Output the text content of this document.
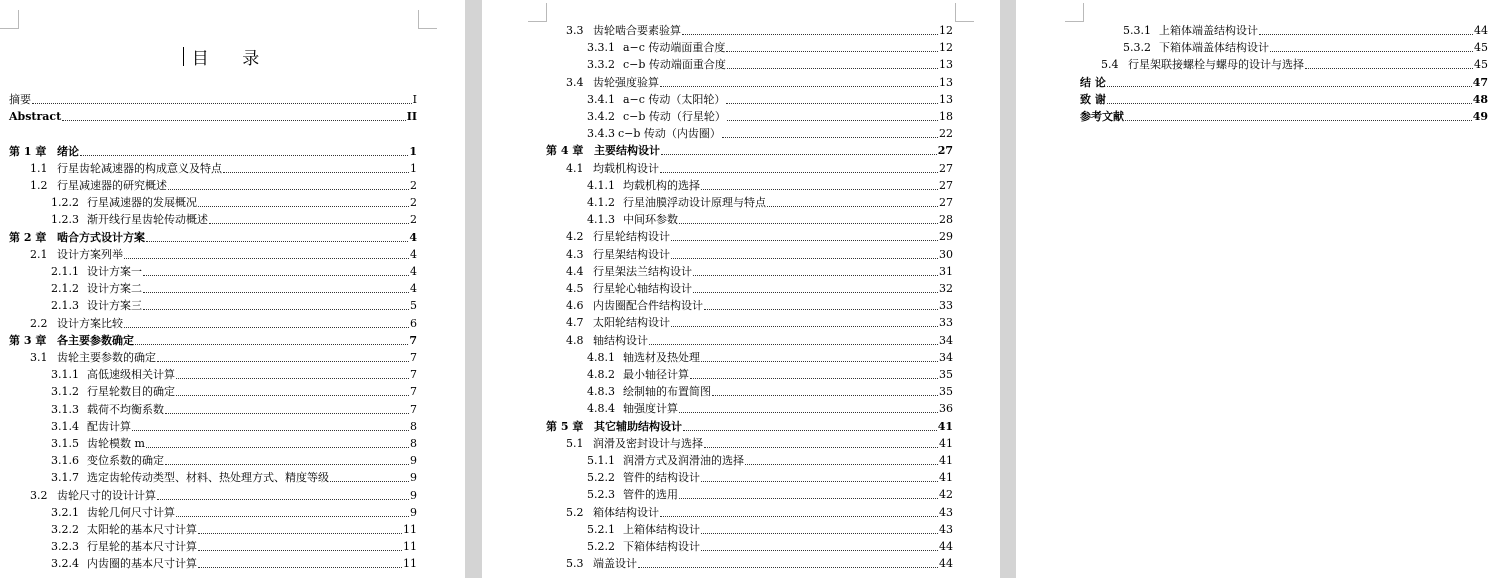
目 录
摘要	I
Abstract	II
第 1 章 绪论	1
1.1 行星齿轮减速器的构成意义及特点	1
1.2 行星减速器的研究概述	2
1.2.2 行星减速器的发展概况	2
1.2.3 渐开线行星齿轮传动概述	2
第 2 章 啮合方式设计方案	4
2.1 设计方案列举	4
2.1.1 设计方案一	4
2.1.2 设计方案二	4
2.1.3 设计方案三	5
2.2 设计方案比较	6
第 3 章 各主要参数确定	7
3.1 齿轮主要参数的确定	7
3.1.1 高低速级相关计算	7
3.1.2 行星轮数目的确定	7
3.1.3 载荷不均衡系数	7
3.1.4 配齿计算	8
3.1.5 齿轮模数 m	8
3.1.6 变位系数的确定	9
3.1.7 选定齿轮传动类型、材料、热处理方式、精度等级	9
3.2 齿轮尺寸的设计计算	9
3.2.1 齿轮几何尺寸计算	9
3.2.2 太阳轮的基本尺寸计算	11
3.2.3 行星轮的基本尺寸计算	11
3.2.4 内齿圈的基本尺寸计算	11
3.3 齿轮啮合要素验算	12
3.3.1 a−c 传动端面重合度	12
3.3.2 c−b 传动端面重合度	13
3.4 齿轮强度验算	13
3.4.1 a−c 传动（太阳轮）	13
3.4.2 c−b 传动（行星轮）	18
3.4.3 c−b 传动（内齿圈）	22
第 4 章 主要结构设计	27
4.1 均载机构设计	27
4.1.1 均载机构的选择	27
4.1.2 行星油膜浮动设计原理与特点	27
4.1.3 中间环参数	28
4.2 行星轮结构设计	29
4.3 行星架结构设计	30
4.4 行星架法兰结构设计	31
4.5 行星轮心轴结构设计	32
4.6 内齿圈配合件结构设计	33
4.7 太阳轮结构设计	33
4.8 轴结构设计	34
4.8.1 轴选材及热处理	34
4.8.2 最小轴径计算	35
4.8.3 绘制轴的布置简图	35
4.8.4 轴强度计算	36
第 5 章 其它辅助结构设计	41
5.1 润滑及密封设计与选择	41
5.1.1 润滑方式及润滑油的选择	41
5.2.2 管件的结构设计	41
5.2.3 管件的选用	42
5.2 箱体结构设计	43
5.2.1 上箱体结构设计	43
5.2.2 下箱体结构设计	44
5.3 端盖设计	44
5.3.1 上箱体端盖结构设计	44
5.3.2 下箱体端盖体结构设计	45
5.4 行星架联接螺栓与螺母的设计与选择	45
结 论	47
致 谢	48
参考文献	49
